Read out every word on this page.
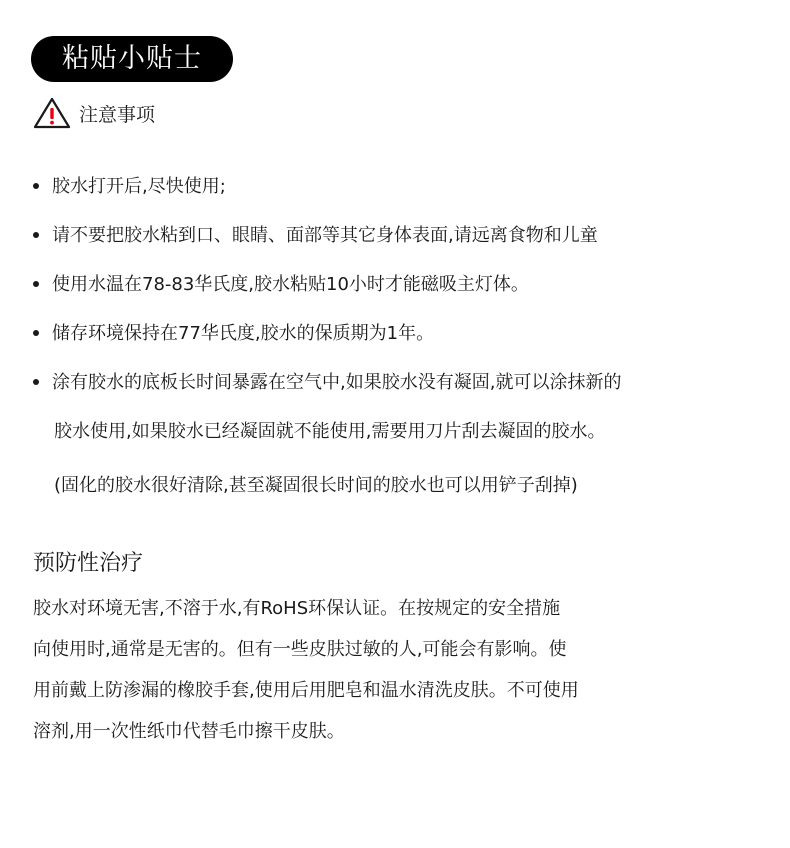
粘贴小贴士
注意事项
胶水打开后,尽快使用;
请不要把胶水粘到口、眼睛、面部等其它身体表面,请远离食物和儿童
使用水温在78-83华氏度,胶水粘贴10小时才能磁吸主灯体。
储存环境保持在77华氏度,胶水的保质期为1年。
涂有胶水的底板长时间暴露在空气中,如果胶水没有凝固,就可以涂抹新的
胶水使用,如果胶水已经凝固就不能使用,需要用刀片刮去凝固的胶水。
(固化的胶水很好清除,甚至凝固很长时间的胶水也可以用铲子刮掉)
预防性治疗
胶水对环境无害,不溶于水,有RoHS环保认证。在按规定的安全措施
向使用时,通常是无害的。但有一些皮肤过敏的人,可能会有影响。使
用前戴上防渗漏的橡胶手套,使用后用肥皂和温水清洗皮肤。不可使用
溶剂,用一次性纸巾代替毛巾擦干皮肤。
